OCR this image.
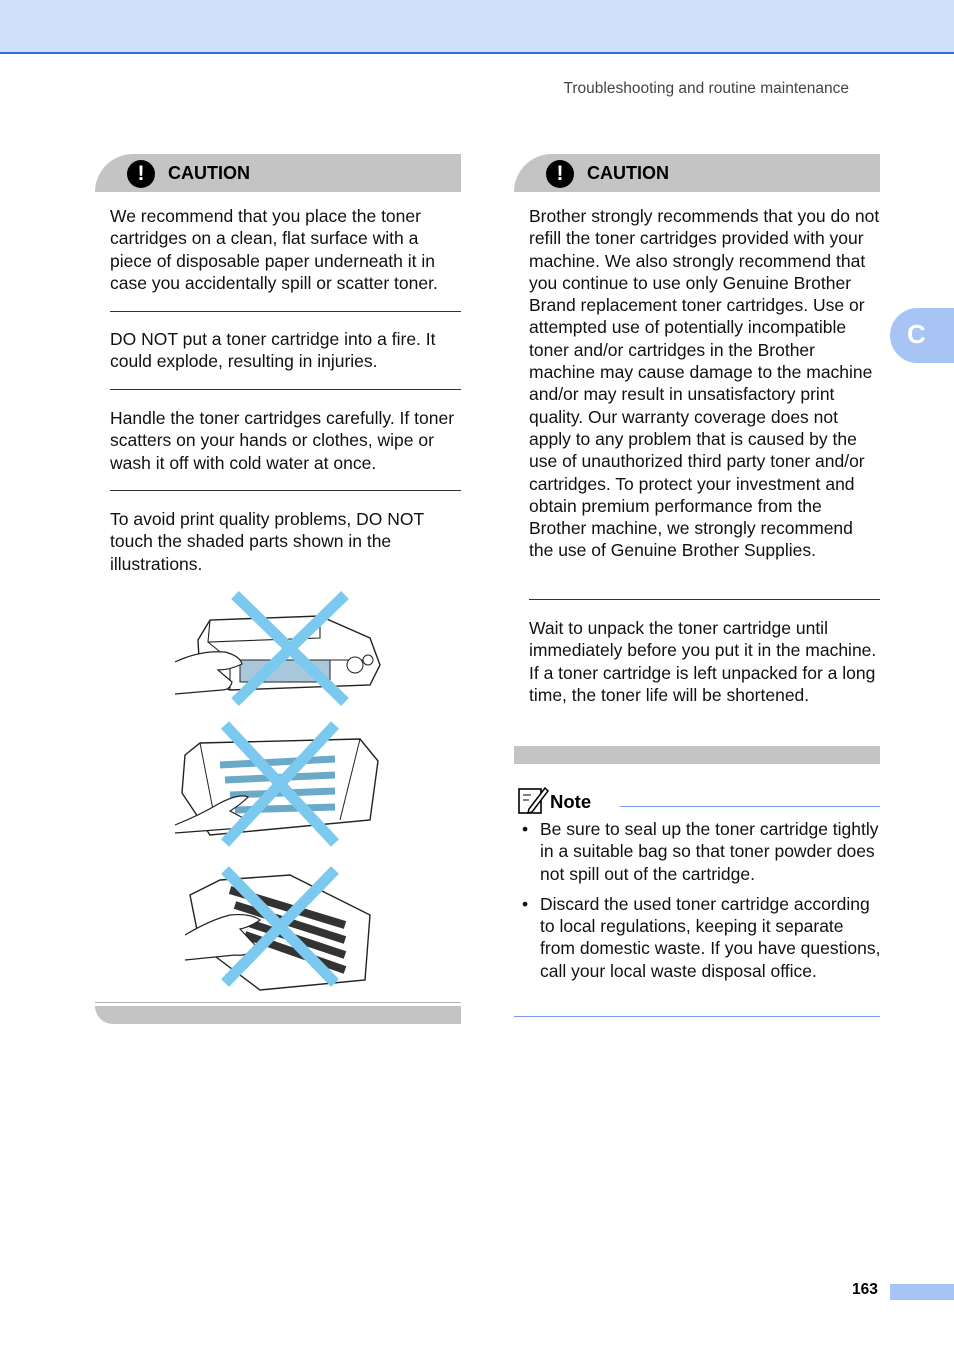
Troubleshooting and routine maintenance
C
!	CAUTION
We recommend that you place the toner cartridges on a clean, flat surface with a piece of disposable paper underneath it in case you accidentally spill or scatter toner.
DO NOT put a toner cartridge into a fire. It could explode, resulting in injuries.
Handle the toner cartridges carefully. If toner scatters on your hands or clothes, wipe or wash it off with cold water at once.
To avoid print quality problems, DO NOT touch the shaded parts shown in the illustrations.
!	CAUTION
Brother strongly recommends that you do not refill the toner cartridges provided with your machine. We also strongly recommend that you continue to use only Genuine Brother Brand replacement toner cartridges. Use or attempted use of potentially incompatible toner and/or cartridges in the Brother machine may cause damage to the machine and/or may result in unsatisfactory print quality. Our warranty coverage does not apply to any problem that is caused by the use of unauthorized third party toner and/or cartridges. To protect your investment and obtain premium performance from the Brother machine, we strongly recommend the use of Genuine Brother Supplies.
Wait to unpack the toner cartridge until immediately before you put it in the machine. If a toner cartridge is left unpacked for a long time, the toner life will be shortened.
Note
• Be sure to seal up the toner cartridge tightly in a suitable bag so that toner powder does not spill out of the cartridge.
• Discard the used toner cartridge according to local regulations, keeping it separate from domestic waste. If you have questions, call your local waste disposal office.
163
